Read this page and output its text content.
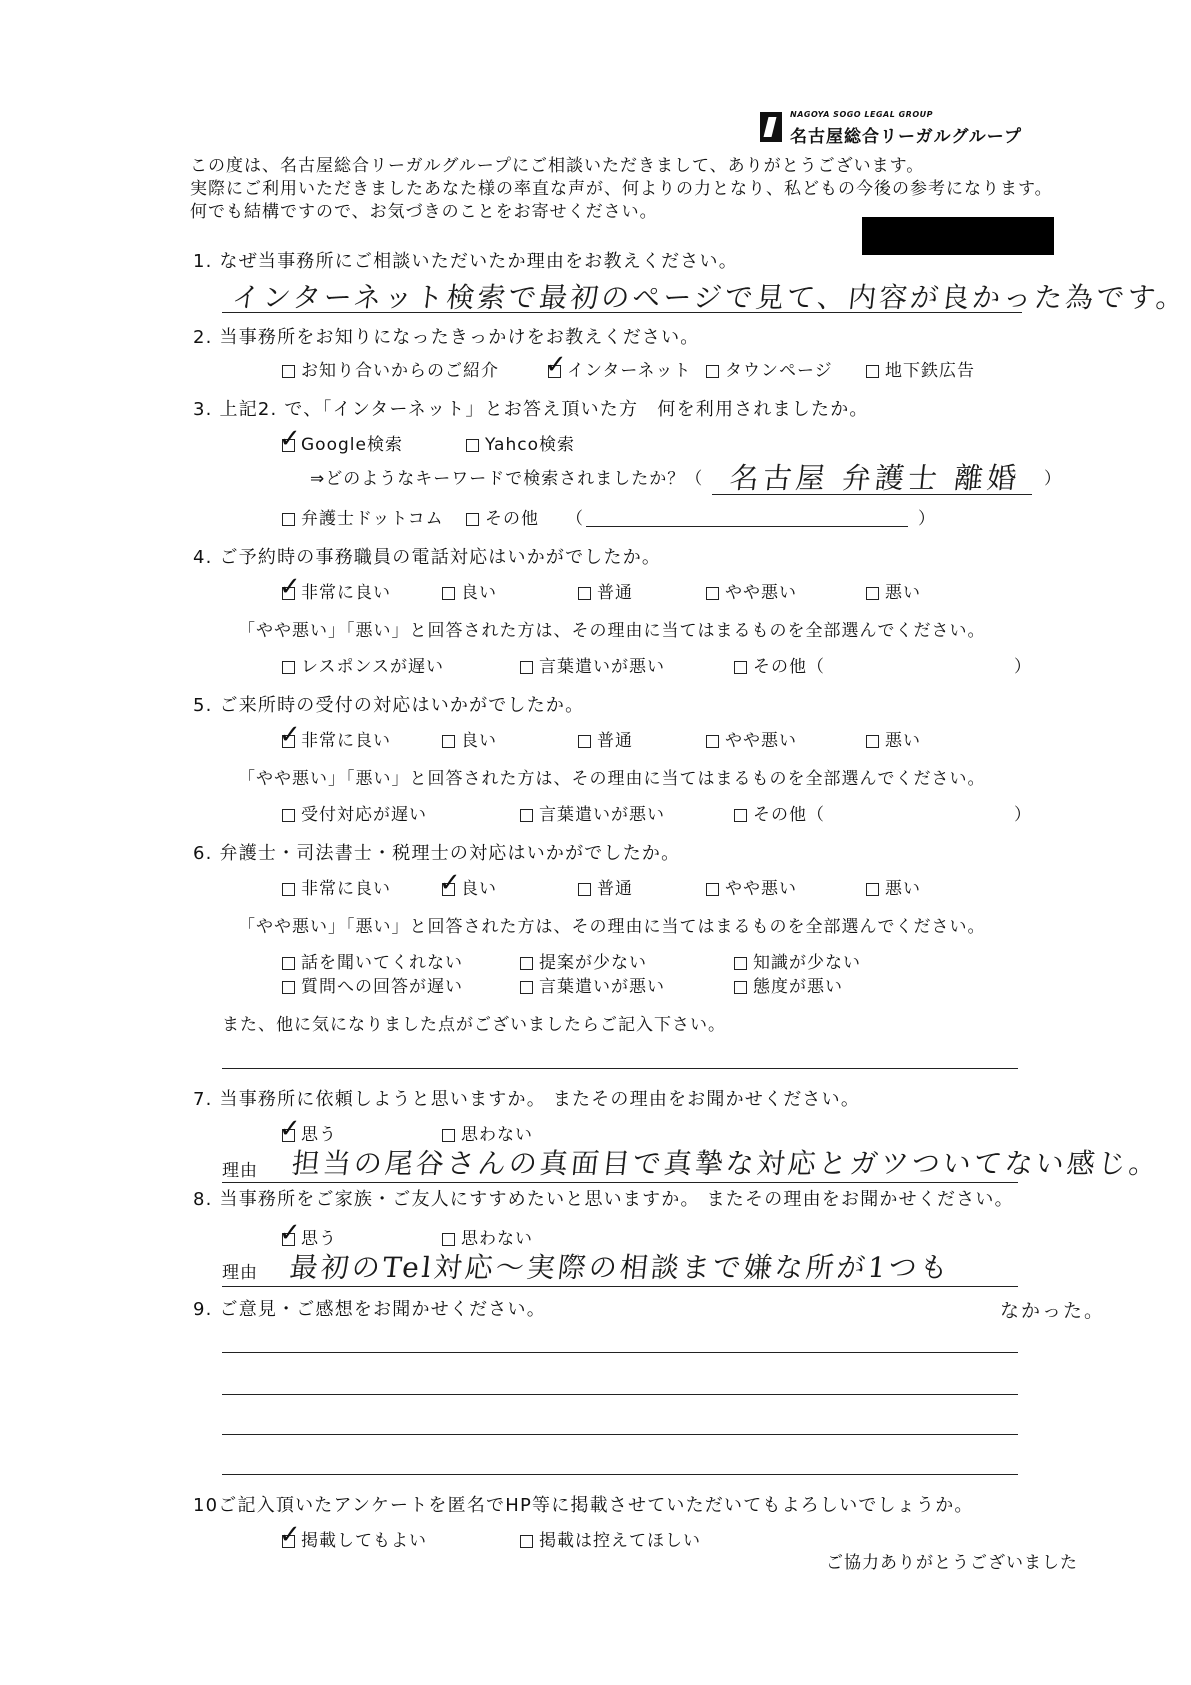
NAGOYA SOGO LEGAL GROUP
名古屋総合リーガルグループ
この度は、名古屋総合リーガルグループにご相談いただきまして、ありがとうございます。
実際にご利用いただきましたあなた様の率直な声が、何よりの力となり、私どもの今後の参考になります。
何でも結構ですので、お気づきのことをお寄せください。
1. なぜ当事務所にご相談いただいたか理由をお教えください。
インターネット検索で最初のページで見て、内容が良かった為です。
2. 当事務所をお知りになったきっかけをお教えください。
お知り合いからのご紹介 ✓ インターネット タウンページ	地下鉄広告
3. 上記2. で、「インターネット」とお答え頂いた方　何を利用されましたか。
✓ Google検索	Yahco検索
⇒どのようなキーワードで検索されましたか？（ 名古屋 弁護士 離婚 ）
弁護士ドットコム その他 （	）
4. ご予約時の事務職員の電話対応はいかがでしたか。
✓ 非常に良い	良い	普通	やや悪い	悪い
「やや悪い」「悪い」と回答された方は、その理由に当てはまるものを全部選んでください。
レスポンスが遅い	言葉遣いが悪い	その他（	）
5. ご来所時の受付の対応はいかがでしたか。
✓ 非常に良い	良い	普通	やや悪い	悪い
「やや悪い」「悪い」と回答された方は、その理由に当てはまるものを全部選んでください。
受付対応が遅い	言葉遣いが悪い	その他（	）
6. 弁護士・司法書士・税理士の対応はいかがでしたか。
非常に良い ✓ 良い	普通	やや悪い	悪い
「やや悪い」「悪い」と回答された方は、その理由に当てはまるものを全部選んでください。
話を聞いてくれない	提案が少ない	知識が少ない
質問への回答が遅い	言葉遣いが悪い	態度が悪い
また、他に気になりました点がございましたらご記入下さい。
7. 当事務所に依頼しようと思いますか。 またその理由をお聞かせください。
✓ 思う	思わない
理由 担当の尾谷さんの真面目で真摯な対応とガツついてない感じ。
8. 当事務所をご家族・ご友人にすすめたいと思いますか。 またその理由をお聞かせください。
✓ 思う	思わない
理由 最初のTel対応～実際の相談まで嫌な所が1つも
なかった。
9. ご意見・ご感想をお聞かせください。
10ご記入頂いたアンケートを匿名でHP等に掲載させていただいてもよろしいでしょうか。
✓ 掲載してもよい	掲載は控えてほしい
ご協力ありがとうございました
